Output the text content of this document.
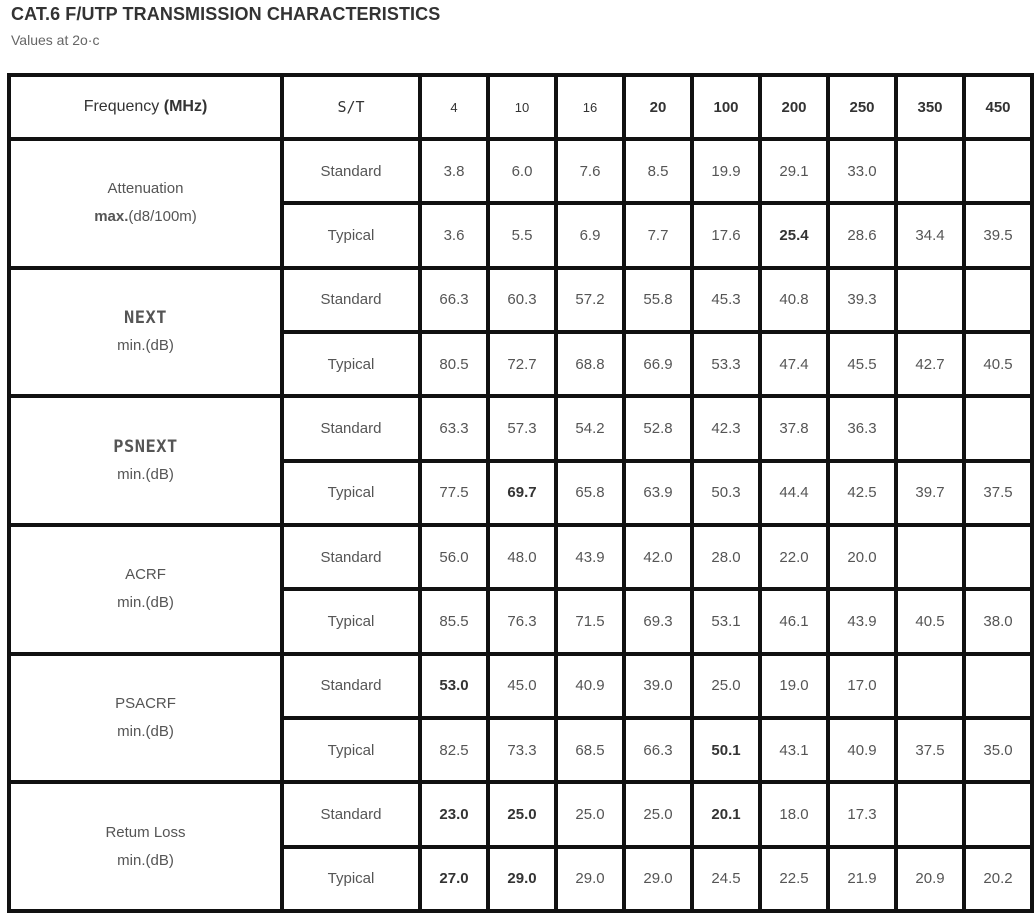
CAT.6 F/UTP TRANSMISSION CHARACTERISTICS
Values at 2o·c
Frequency (MHz)	S/T	4	10	16	20	100	200	250	350	450

Attenuation
max.(d8/100m)	Standard	3.8	6.0	7.6	8.5	19.9	29.1	33.0		
	Typical	3.6	5.5	6.9	7.7	17.6	25.4	28.6	34.4	39.5

NEXT
min.(dB)	Standard	66.3	60.3	57.2	55.8	45.3	40.8	39.3		
	Typical	80.5	72.7	68.8	66.9	53.3	47.4	45.5	42.7	40.5

PSNEXT
min.(dB)	Standard	63.3	57.3	54.2	52.8	42.3	37.8	36.3		
	Typical	77.5	69.7	65.8	63.9	50.3	44.4	42.5	39.7	37.5

ACRF
min.(dB)	Standard	56.0	48.0	43.9	42.0	28.0	22.0	20.0		
	Typical	85.5	76.3	71.5	69.3	53.1	46.1	43.9	40.5	38.0

PSACRF
min.(dB)	Standard	53.0	45.0	40.9	39.0	25.0	19.0	17.0		
	Typical	82.5	73.3	68.5	66.3	50.1	43.1	40.9	37.5	35.0

Retum Loss
min.(dB)	Standard	23.0	25.0	25.0	25.0	20.1	18.0	17.3		
	Typical	27.0	29.0	29.0	29.0	24.5	22.5	21.9	20.9	20.2
